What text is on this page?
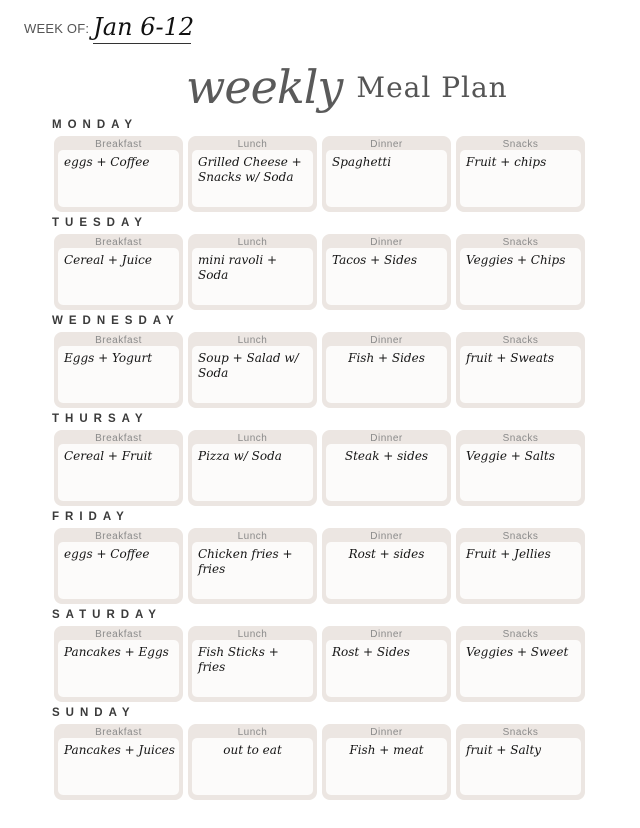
WEEK OF: Jan 6-12
weekly Meal Plan
MONDAY
Breakfast
eggs + Coffee
Lunch
Grilled Cheese + Snacks w/ Soda
Dinner
Spaghetti
Snacks
Fruit + chips
TUESDAY
Breakfast
Cereal + Juice
Lunch
mini ravoli + Soda
Dinner
Tacos + Sides
Snacks
Veggies + Chips
WEDNESDAY
Breakfast
Eggs + Yogurt
Lunch
Soup + Salad w/ Soda
Dinner
Fish + Sides
Snacks
fruit + Sweats
THURSAY
Breakfast
Cereal + Fruit
Lunch
Pizza w/ Soda
Dinner
Steak + sides
Snacks
Veggie + Salts
FRIDAY
Breakfast
eggs + Coffee
Lunch
Chicken fries + fries
Dinner
Rost + sides
Snacks
Fruit + Jellies
SATURDAY
Breakfast
Pancakes + Eggs
Lunch
Fish Sticks + fries
Dinner
Rost + Sides
Snacks
Veggies + Sweet
SUNDAY
Breakfast
Pancakes + Juices
Lunch
out to eat
Dinner
Fish + meat
Snacks
fruit + Salty
